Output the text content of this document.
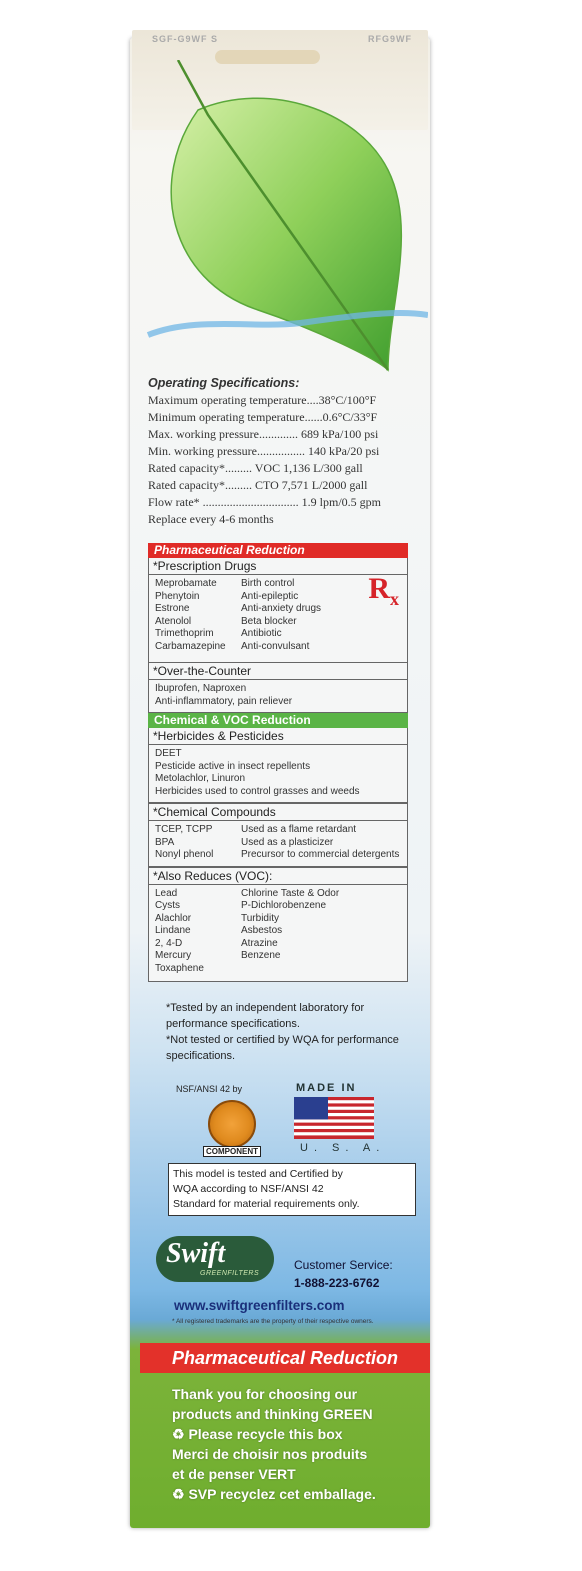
SGF-G9WF S	RFG9WF
Operating Specifications:
Maximum operating temperature....38°C/100°F
Minimum operating temperature......0.6°C/33°F
Max. working pressure............. 689 kPa/100 psi
Min. working pressure................ 140 kPa/20 psi
Rated capacity*......... VOC 1,136 L/300 gall
Rated capacity*......... CTO 7,571 L/2000 gall
Flow rate* ................................ 1.9 lpm/0.5 gpm
Replace every 4-6 months
Pharmaceutical Reduction
*Prescription Drugs
Meprobamate	Birth control
Phenytoin	Anti-epileptic
Estrone	Anti-anxiety drugs
Atenolol	Beta blocker
Trimethoprim	Antibiotic
Carbamazepine	Anti-convulsant
$R_x$
*Over-the-Counter
Ibuprofen, Naproxen
Anti-inflammatory, pain reliever
Chemical & VOC Reduction
*Herbicides & Pesticides
DEET
Pesticide active in insect repellents
Metolachlor, Linuron
Herbicides used to control grasses and weeds
*Chemical Compounds
TCEP, TCPP	Used as a flame retardant
BPA	Used as a plasticizer
Nonyl phenol	Precursor to commercial detergents
*Also Reduces (VOC):
Lead	Chlorine Taste & Odor
Cysts	P-Dichlorobenzene
Alachlor	Turbidity
Lindane	Asbestos
2, 4-D	Atrazine
Mercury	Benzene
Toxaphene
*Tested by an independent laboratory for
performance specifications.
*Not tested or certified by WQA for performance
specifications.
NSF/ANSI 42 by
COMPONENT
MADE IN
U. S. A.
This model is tested and Certified by
WQA according to NSF/ANSI 42
Standard for material requirements only.
Swift
GREENFILTERS
Customer Service:
1-888-223-6762
www.swiftgreenfilters.com
* All registered trademarks are the property of their respective owners.
Pharmaceutical Reduction
Thank you for choosing our
products and thinking GREEN
♻ Please recycle this box
Merci de choisir nos produits
et de penser VERT
♻ SVP recyclez cet emballage.
